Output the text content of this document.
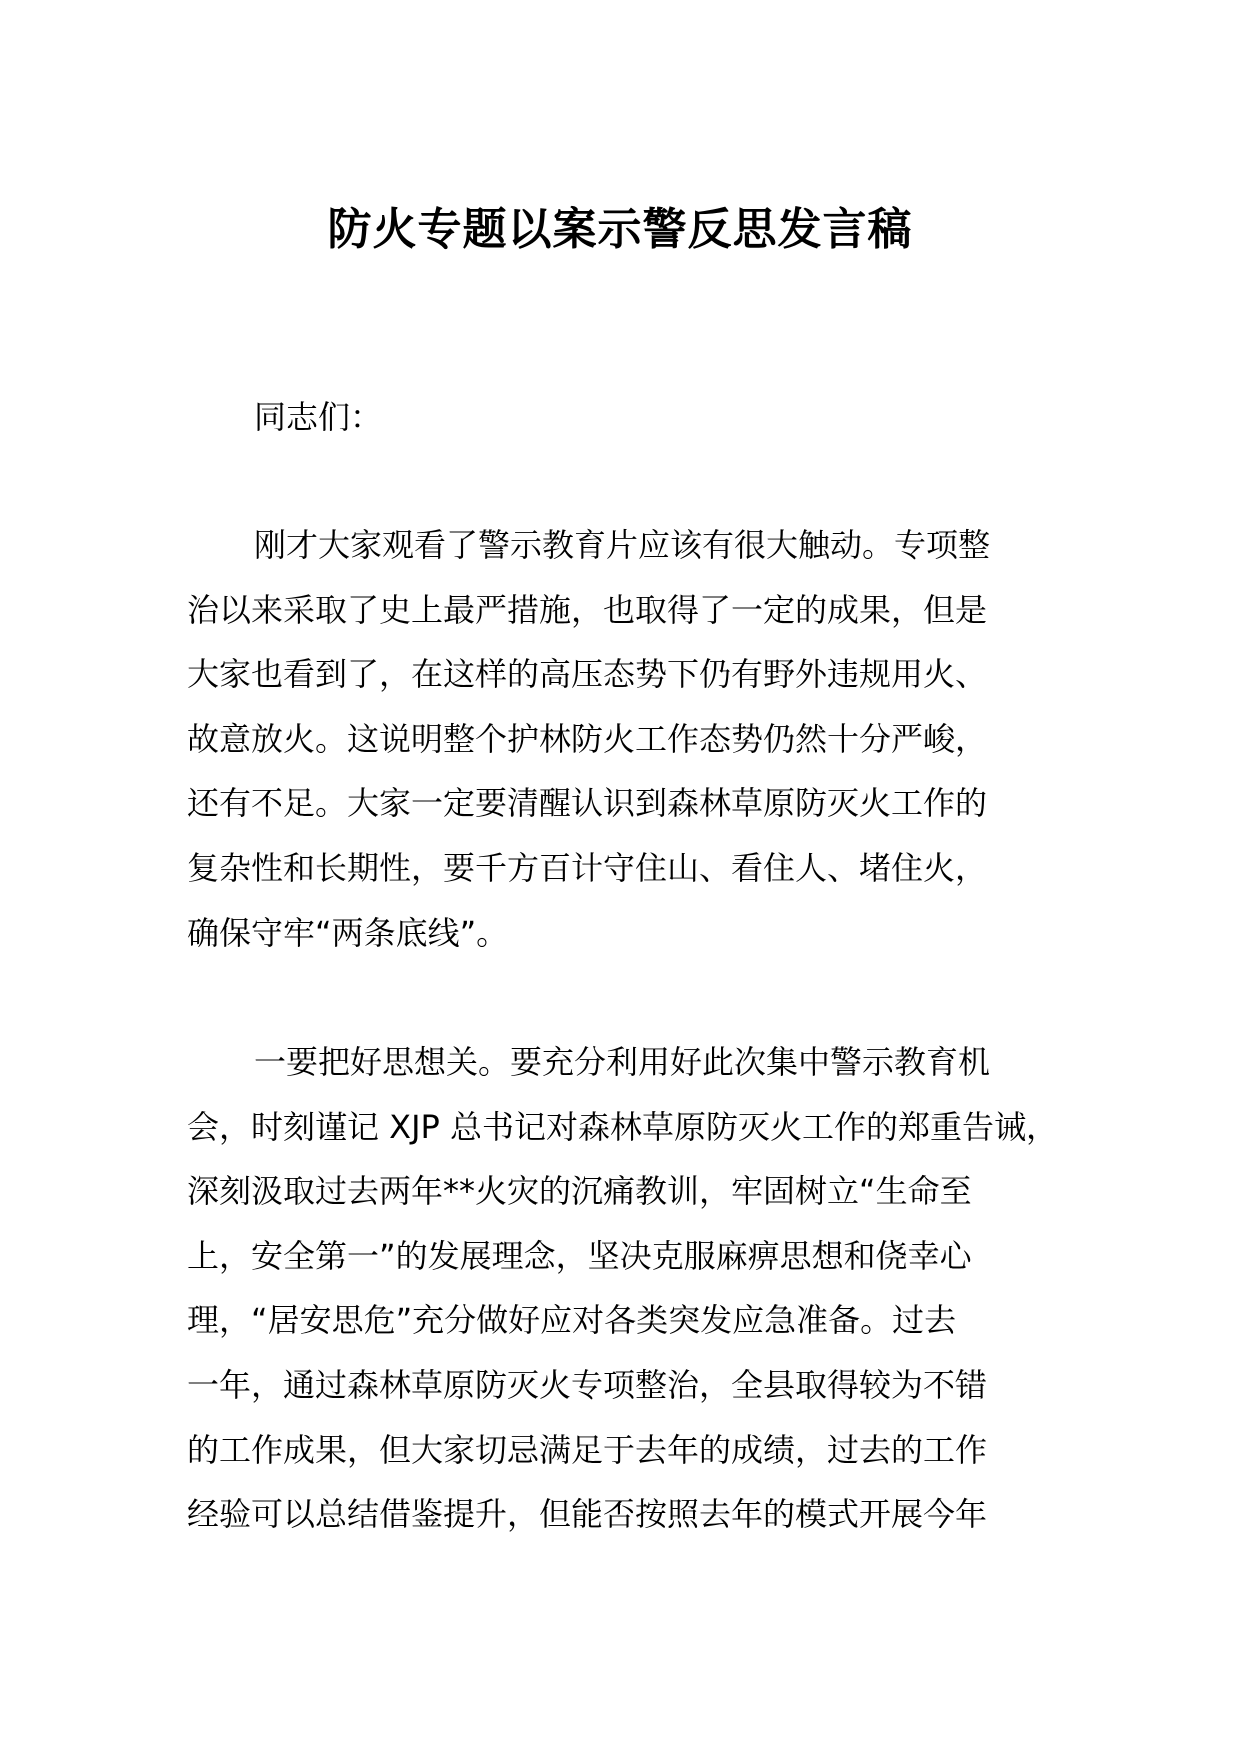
防火专题以案示警反思发言稿

同志们：

刚才大家观看了警示教育片应该有很大触动。专项整
治以来采取了史上最严措施，也取得了一定的成果，但是
大家也看到了，在这样的高压态势下仍有野外违规用火、
故意放火。这说明整个护林防火工作态势仍然十分严峻，
还有不足。大家一定要清醒认识到森林草原防灭火工作的
复杂性和长期性，要千方百计守住山、看住人、堵住火，
确保守牢“两条底线”。
一要把好思想关。要充分利用好此次集中警示教育机
会，时刻谨记 XJP 总书记对森林草原防灭火工作的郑重告诫，
深刻汲取过去两年**火灾的沉痛教训，牢固树立“生命至
上，安全第一”的发展理念，坚决克服麻痹思想和侥幸心
理，“居安思危”充分做好应对各类突发应急准备。过去
一年，通过森林草原防灭火专项整治，全县取得较为不错
的工作成果，但大家切忌满足于去年的成绩，过去的工作
经验可以总结借鉴提升，但能否按照去年的模式开展今年
